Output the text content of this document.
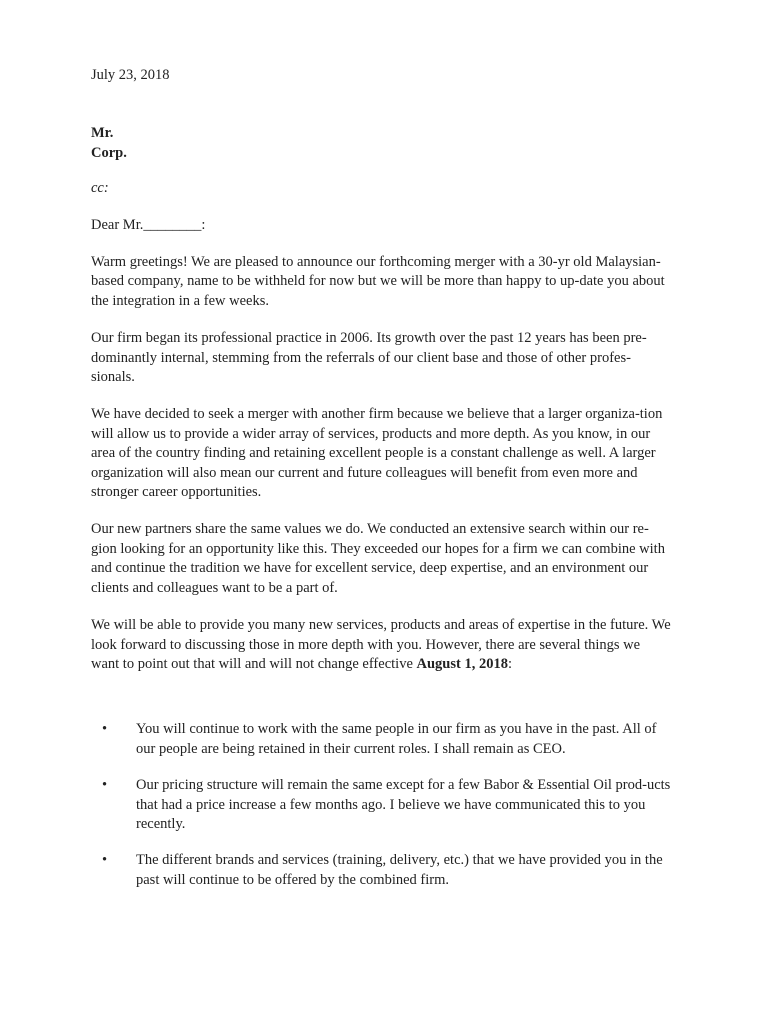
July 23, 2018
Mr.
Corp.
cc:
Dear Mr.________:

Warm greetings! We are pleased to announce our forthcoming merger with a 30-yr old Malaysian-based company, name to be withheld for now but we will be more than happy to up-date you about the integration in a few weeks.

Our firm began its professional practice in 2006. Its growth over the past 12 years has been pre-dominantly internal, stemming from the referrals of our client base and those of other profes-sionals.

We have decided to seek a merger with another firm because we believe that a larger organiza-tion will allow us to provide a wider array of services, products and more depth. As you know, in our area of the country finding and retaining excellent people is a constant challenge as well. A larger organization will also mean our current and future colleagues will benefit from even more and stronger career opportunities.

Our new partners share the same values we do. We conducted an extensive search within our re-gion looking for an opportunity like this. They exceeded our hopes for a firm we can combine with and continue the tradition we have for excellent service, deep expertise, and an environment our clients and colleagues want to be a part of.

We will be able to provide you many new services, products and areas of expertise in the future. We look forward to discussing those in more depth with you. However, there are several things we want to point out that will and will not change effective August 1, 2018:

• You will continue to work with the same people in our firm as you have in the past. All of our people are being retained in their current roles. I shall remain as CEO.
• Our pricing structure will remain the same except for a few Babor & Essential Oil prod-ucts that had a price increase a few months ago. I believe we have communicated this to you recently.
• The different brands and services (training, delivery, etc.) that we have provided you in the past will continue to be offered by the combined firm.
